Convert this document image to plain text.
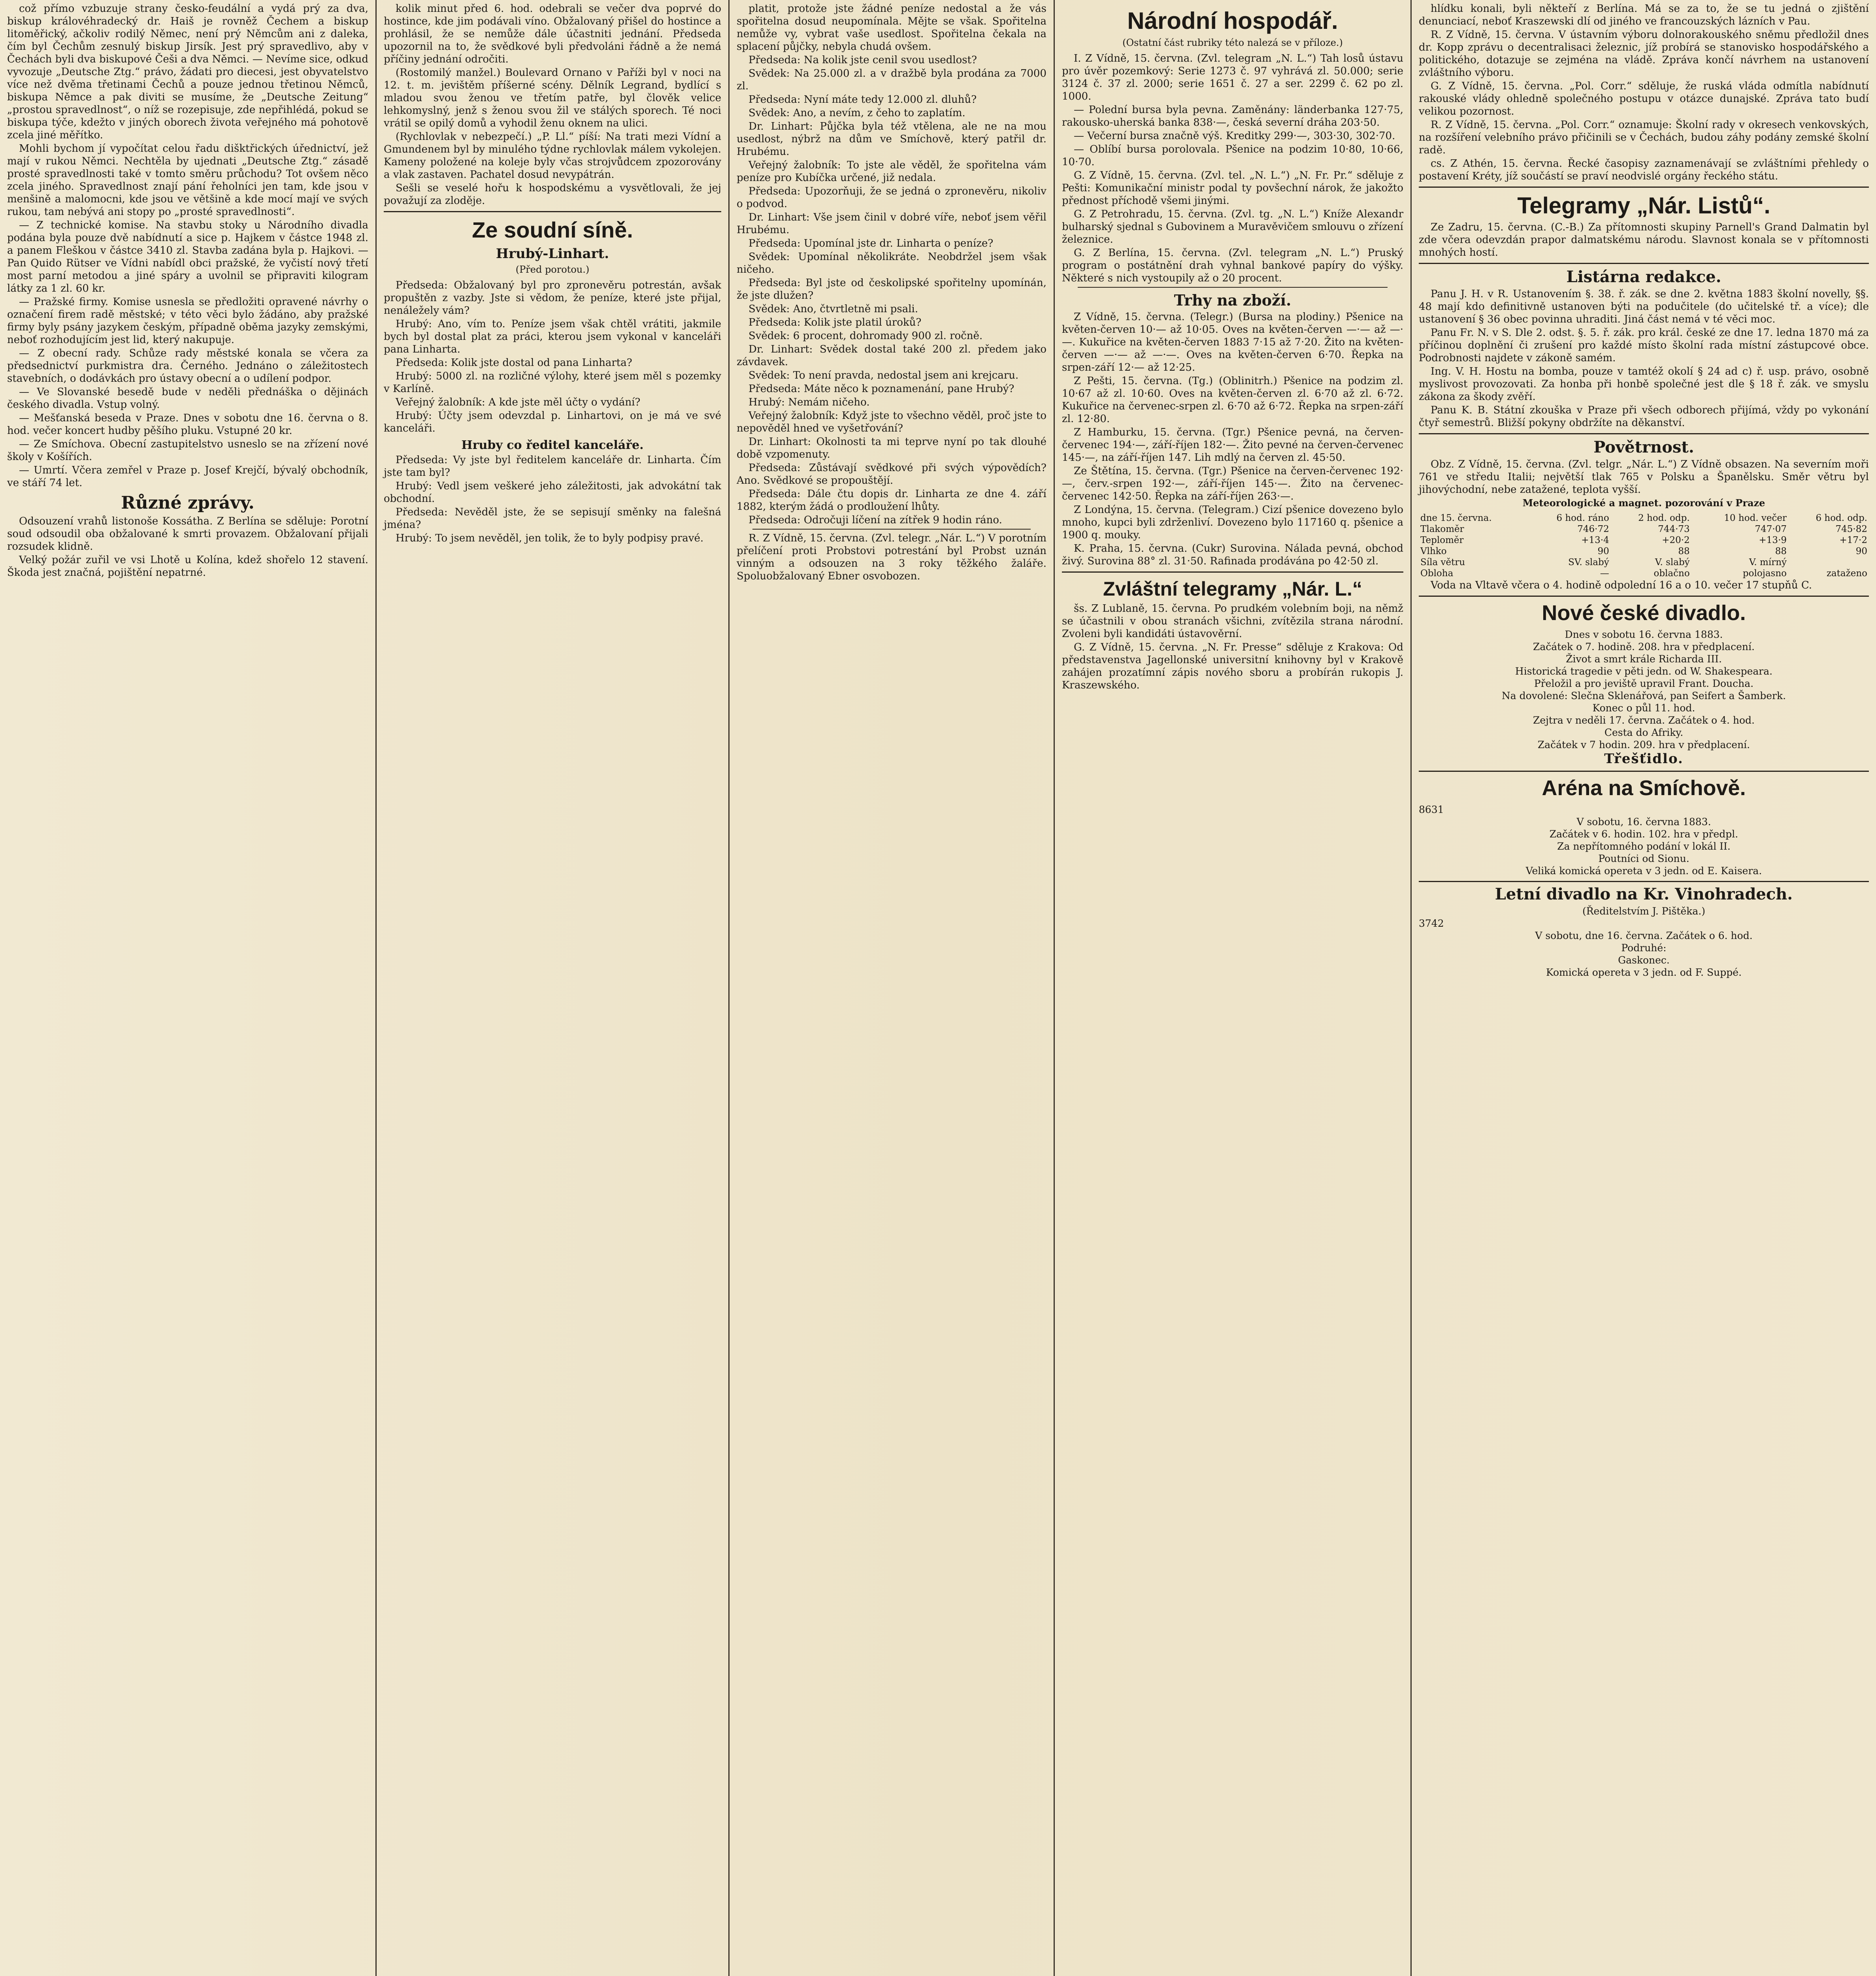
což přímo vzbuzuje strany česko-feudální a vydá prý za dva, biskup královéhradecký dr. Haiš je rovněž Čechem a biskup litoměřický, ačkoliv rodilý Němec, není prý Němcům ani z daleka, čím byl Čechům zesnulý biskup Jirsík. Jest prý spravedlivo, aby v Čechách byli dva biskupové Češi a dva Němci. — Nevíme sice, odkud vyvozuje „Deutsche Ztg.“ právo, žádati pro diecesi, jest obyvatelstvo více než dvěma třetinami Čechů a pouze jednou třetinou Němců, biskupa Němce a pak diviti se musíme, že „Deutsche Zeitung“ „prostou spravedlnost“, o níž se rozepisuje, zde nepřihlédá, pokud se biskupa týče, kdežto v jiných oborech života veřejného má pohotově zcela jiné měřítko.

Mohli bychom jí vypočítat celou řadu dišktřických úřednictví, jež mají v rukou Němci. Nechtěla by ujednati „Deutsche Ztg.“ zásadě prosté spravedlnosti také v tomto směru průchodu? Tot ovšem něco zcela jiného. Spravedlnost znají pání řeholníci jen tam, kde jsou v menšině a malomocni, kde jsou ve většině a kde mocí mají ve svých rukou, tam nebývá ani stopy po „prosté spravedlnosti“.

— Z technické komise. Na stavbu stoky u Národního divadla podána byla pouze dvě nabídnutí a sice p. Hajkem v částce 1948 zl. a panem Fleškou v částce 3410 zl. Stavba zadána byla p. Hajkovi. — Pan Quido Rütser ve Vídni nabídl obci pražské, že vyčistí nový třetí most parní metodou a jiné spáry a uvolnil se připraviti kilogram látky za 1 zl. 60 kr.

— Pražské firmy. Komise usnesla se předložiti opravené návrhy o označení firem radě městské; v této věci bylo žádáno, aby pražské firmy byly psány jazykem českým, případně oběma jazyky zemskými, neboť rozhodujícím jest lid, který nakupuje.

— Z obecní rady. Schůze rady městské konala se včera za předsednictví purkmistra dra. Černého. Jednáno o záležitostech stavebních, o dodávkách pro ústavy obecní a o udílení podpor.

— Ve Slovanské besedě bude v neděli přednáška o dějinách českého divadla. Vstup volný.

— Mešťanská beseda v Praze. Dnes v sobotu dne 16. června o 8. hod. večer koncert hudby pěšího pluku. Vstupné 20 kr.

— Ze Smíchova. Obecní zastupitelstvo usneslo se na zřízení nové školy v Košířích.

— Umrtí. Včera zemřel v Praze p. Josef Krejčí, bývalý obchodník, ve stáří 74 let.

Různé zprávy.

Odsouzení vrahů listonoše Kossátha. Z Berlína se sděluje: Porotní soud odsoudil oba obžalované k smrti provazem. Obžalovaní přijali rozsudek klidně.

Velký požár zuřil ve vsi Lhotě u Kolína, kdež shořelo 12 stavení. Škoda jest značná, pojištění nepatrné.

kolik minut před 6. hod. odebrali se večer dva poprvé do hostince, kde jim podávali víno. Obžalovaný přišel do hostince a prohlásil, že se nemůže dále účastniti jednání. Předseda upozornil na to, že svědkové byli předvoláni řádně a že nemá příčiny jednání odročiti.

(Rostomilý manžel.) Boulevard Ornano v Paříži byl v noci na 12. t. m. jevištěm příšerné scény. Dělník Legrand, bydlící s mladou svou ženou ve třetím patře, byl člověk velice lehkomyslný, jenž s ženou svou žil ve stálých sporech. Té noci vrátil se opilý domů a vyhodil ženu oknem na ulici.

(Rychlovlak v nebezpečí.) „P. Ll.“ píší: Na trati mezi Vídní a Gmundenem byl by minulého týdne rychlovlak málem vykolejen. Kameny položené na koleje byly včas strojvůdcem zpozorovány a vlak zastaven. Pachatel dosud nevypátrán.

Sešli se veselé hořu k hospodskému a vysvětlovali, že jej považují za zloděje.

Ze soudní síně.
Hrubý-Linhart.
(Před porotou.)

Předseda: Obžalovaný byl pro zpronevěru potrestán, avšak propuštěn z vazby. Jste si vědom, že peníze, které jste přijal, nenáležely vám?

Hrubý: Ano, vím to. Peníze jsem však chtěl vrátiti, jakmile bych byl dostal plat za práci, kterou jsem vykonal v kanceláři pana Linharta.

Předseda: Kolik jste dostal od pana Linharta?

Hrubý: 5000 zl. na rozličné výlohy, které jsem měl s pozemky v Karlíně.

Veřejný žalobník: A kde jste měl účty o vydání?

Hrubý: Účty jsem odevzdal p. Linhartovi, on je má ve své kanceláři.

Hruby co ředitel kanceláře.

Předseda: Vy jste byl ředitelem kanceláře dr. Linharta. Čím jste tam byl?

Hrubý: Vedl jsem veškeré jeho záležitosti, jak advokátní tak obchodní.

Předseda: Nevěděl jste, že se sepisují směnky na falešná jména?

Hrubý: To jsem nevěděl, jen tolik, že to byly podpisy pravé.

platit, protože jste žádné peníze nedostal a že vás spořitelna dosud neupomínala. Mějte se však. Spořitelna nemůže vy, vybrat vaše usedlost. Spořitelna čekala na splacení půjčky, nebyla chudá ovšem.

Předseda: Na kolik jste cenil svou usedlost?

Svědek: Na 25.000 zl. a v dražbě byla prodána za 7000 zl.

Předseda: Nyní máte tedy 12.000 zl. dluhů?

Svědek: Ano, a nevím, z čeho to zaplatím.

Dr. Linhart: Půjčka byla též vtělena, ale ne na mou usedlost, nýbrž na dům ve Smíchově, který patřil dr. Hrubému.

Veřejný žalobník: To jste ale věděl, že spořitelna vám peníze pro Kubíčka určené, již nedala.

Předseda: Upozorňuji, že se jedná o zpronevěru, nikoliv o podvod.

Dr. Linhart: Vše jsem činil v dobré víře, neboť jsem věřil Hrubému.

Předseda: Upomínal jste dr. Linharta o peníze?

Svědek: Upomínal několikráte. Neobdržel jsem však ničeho.

Předseda: Byl jste od českolipské spořitelny upomínán, že jste dlužen?

Svědek: Ano, čtvrtletně mi psali.

Předseda: Kolik jste platil úroků?

Svědek: 6 procent, dohromady 900 zl. ročně.

Dr. Linhart: Svědek dostal také 200 zl. předem jako závdavek.

Svědek: To není pravda, nedostal jsem ani krejcaru.

Předseda: Máte něco k poznamenání, pane Hrubý?

Hrubý: Nemám ničeho.

Veřejný žalobník: Když jste to všechno věděl, proč jste to nepověděl hned ve vyšetřování?

Dr. Linhart: Okolnosti ta mi teprve nyní po tak dlouhé době vzpomenuty.

Předseda: Zůstávají svědkové při svých výpovědích? Ano. Svědkové se propouštějí.

Předseda: Dále čtu dopis dr. Linharta ze dne 4. září 1882, kterým žádá o prodloužení lhůty.

Předseda: Odročuji líčení na zítřek 9 hodin ráno.

R. Z Vídně, 15. června. (Zvl. telegr. „Nár. L.“) V porotním přelíčení proti Probstovi potrestání byl Probst uznán vinným a odsouzen na 3 roky těžkého žaláře. Spoluobžalovaný Ebner osvobozen.

Národní hospodář.
(Ostatní část rubriky této nalezá se v příloze.)

I. Z Vídně, 15. června. (Zvl. telegram „N. L.“) Tah losů ústavu pro úvěr pozemkový: Serie 1273 č. 97 vyhrává zl. 50.000; serie 3124 č. 37 zl. 2000; serie 1651 č. 27 a ser. 2299 č. 62 po zl. 1000.

— Polední bursa byla pevna. Zaměnány: länderbanka 127·75, rakousko-uherská banka 838·—, česká severní dráha 203·50.

— Večerní bursa značně výš. Kreditky 299·—, 303·30, 302·70.

— Oblíbí bursa porolovala. Pšenice na podzim 10·80, 10·66, 10·70.

G. Z Vídně, 15. června. (Zvl. tel. „N. L.“) „N. Fr. Pr.“ sděluje z Pešti: Komunikační ministr podal ty povšechní nárok, že jakožto přednost příchodě všemi jinými.

G. Z Petrohradu, 15. června. (Zvl. tg. „N. L.“) Kníže Alexandr bulharský sjednal s Gubovinem a Muravěvičem smlouvu o zřízení železnice.

G. Z Berlína, 15. června. (Zvl. telegram „N. L.“) Pruský program o postátnění drah vyhnal bankové papíry do výšky. Některé s nich vystoupily až o 20 procent.

Trhy na zboží.

Z Vídně, 15. června. (Telegr.) (Bursa na plodiny.) Pšenice na květen-červen 10·— až 10·05. Oves na květen-červen —·— až —·—. Kukuřice na květen-červen 1883 7·15 až 7·20. Žito na květen-červen —·— až —·—. Oves na květen-červen 6·70. Řepka na srpen-září 12·— až 12·25.

Z Pešti, 15. června. (Tg.) (Oblinitrh.) Pšenice na podzim zl. 10·67 až zl. 10·60. Oves na květen-červen zl. 6·70 až zl. 6·72. Kukuřice na červenec-srpen zl. 6·70 až 6·72. Řepka na srpen-září zl. 12·80.

Z Hamburku, 15. června. (Tgr.) Pšenice pevná, na červen-červenec 194·—, září-říjen 182·—. Žito pevné na červen-červenec 145·—, na září-říjen 147. Lih mdlý na červen zl. 45·50.

Ze Štětína, 15. června. (Tgr.) Pšenice na červen-červenec 192·—, červ.-srpen 192·—, září-říjen 145·—. Žito na červenec-červenec 142·50. Řepka na září-říjen 263·—.

Z Londýna, 15. června. (Telegram.) Cizí pšenice dovezeno bylo mnoho, kupci byli zdrženliví. Dovezeno bylo 117160 q. pšenice a 1900 q. mouky.

K. Praha, 15. června. (Cukr) Surovina. Nálada pevná, obchod živý. Surovina 88° zl. 31·50. Rafinada prodávána po 42·50 zl.

Zvláštní telegramy „Nár. L.“

šs. Z Lublaně, 15. června. Po prudkém volebním boji, na němž se účastnili v obou stranách všichni, zvítězila strana národní. Zvoleni byli kandidáti ústavověrní.

G. Z Vídně, 15. června. „N. Fr. Presse“ sděluje z Krakova: Od představenstva Jagellonské universitní knihovny byl v Krakově zahájen prozatímní zápis nového sboru a probírán rukopis J. Kraszewského.

hlídku konali, byli někteří z Berlína. Má se za to, že se tu jedná o zjištění denunciací, neboť Kraszewski dlí od jiného ve francouzských lázních v Pau.

R. Z Vídně, 15. června. V ústavním výboru dolnorakouského sněmu předložil dnes dr. Kopp zprávu o decentralisaci železnic, jíž probírá se stanovisko hospodářského a politického, dotazuje se zejména na vládě. Zpráva končí návrhem na ustanovení zvláštního výboru.

G. Z Vídně, 15. června. „Pol. Corr.“ sděluje, že ruská vláda odmítla nabídnutí rakouské vlády ohledně společného postupu v otázce dunajské. Zpráva tato budí velikou pozornost.

R. Z Vídně, 15. června. „Pol. Corr.“ oznamuje: Školní rady v okresech venkovských, na rozšíření velebního právo přičinili se v Čechách, budou záhy podány zemské školní radě.

cs. Z Athén, 15. června. Řecké časopisy zaznamenávají se zvláštními přehledy o postavení Kréty, jíž součástí se praví neodvislé orgány řeckého státu.

Telegramy „Nár. Listů“.

Ze Zadru, 15. června. (C.-B.) Za přítomnosti skupiny Parnell's Grand Dalmatin byl zde včera odevzdán prapor dalmatskému národu. Slavnost konala se v přítomnosti mnohých hostí.

Listárna redakce.

Panu J. H. v R. Ustanovením §. 38. ř. zák. se dne 2. května 1883 školní novelly, §§. 48 mají kdo definitivně ustanoven býti na podučitele (do učitelské tř. a více); dle ustanovení § 36 obec povinna uhraditi. Jiná část nemá v té věci moc.

Panu Fr. N. v S. Dle 2. odst. §. 5. ř. zák. pro král. české ze dne 17. ledna 1870 má za příčinou doplnění či zrušení pro každé místo školní rada místní zástupcové obce. Podrobnosti najdete v zákoně samém.

Ing. V. H. Hostu na bomba, pouze v tamtéž okolí § 24 ad c) ř. usp. právo, osobně myslivost provozovati. Za honba při honbě společné jest dle § 18 ř. zák. ve smyslu zákona za škody zvěří.

Panu K. B. Státní zkouška v Praze při všech odborech přijímá, vždy po vykonání čtyř semestrů. Bližší pokyny obdržíte na děkanství.

Povětrnost.

Obz. Z Vídně, 15. června. (Zvl. telgr. „Nár. L.“) Z Vídně obsazen. Na severním moři 761 ve středu Italii; největší tlak 765 v Polsku a Španělsku. Směr větru byl jihovýchodní, nebe zatažené, teplota vyšší.

Meteorologické a magnet. pozorování v Praze
dne 15. června.	6 hod. ráno	2 hod. odp.	10 hod. večer	6 hod. odp.
Tlakoměr	746·72	744·73	747·07	745·82
Teploměr	+13·4	+20·2	+13·9	+17·2
Vlhko	90	88	88	90
Síla větru	SV. slabý	V. slabý	V. mírný	
Oblohа	—	oblačno	polojasno	zataženo

Voda na Vltavě včera o 4. hodině odpolední 16 a o 10. večer 17 stupňů C.

Nové české divadlo.
Dnes v sobotu 16. června 1883.
Začátek o 7. hodině. 208. hra v předplacení.
Život a smrt krále Richarda III.
Historická tragedie v pěti jedn. od W. Shakespeara.
Přeložil a pro jeviště upravil Frant. Doucha.
Na dovolené: Slečna Sklenářová, pan Seifert a Šamberk.
Konec o půl 11. hod.
Zejtra v neděli 17. června. Začátek o 4. hod.
Cesta do Afriky.
Začátek v 7 hodin. 209. hra v předplacení.
Třešťidlo.
Aréna na Smíchově.
8631
V sobotu, 16. června 1883.
Začátek v 6. hodin. 102. hra v předpl.
Za nepřítomného podání v lokál II.
Poutníci od Sionu.
Veliká komická opereta v 3 jedn. od E. Kaisera.
Letní divadlo na Kr. Vinohradech.
(Ředitelstvím J. Pištěka.)
3742
V sobotu, dne 16. června. Začátek o 6. hod.
Podruhé:
Gaskonec.
Komická opereta v 3 jedn. od F. Suppé.
